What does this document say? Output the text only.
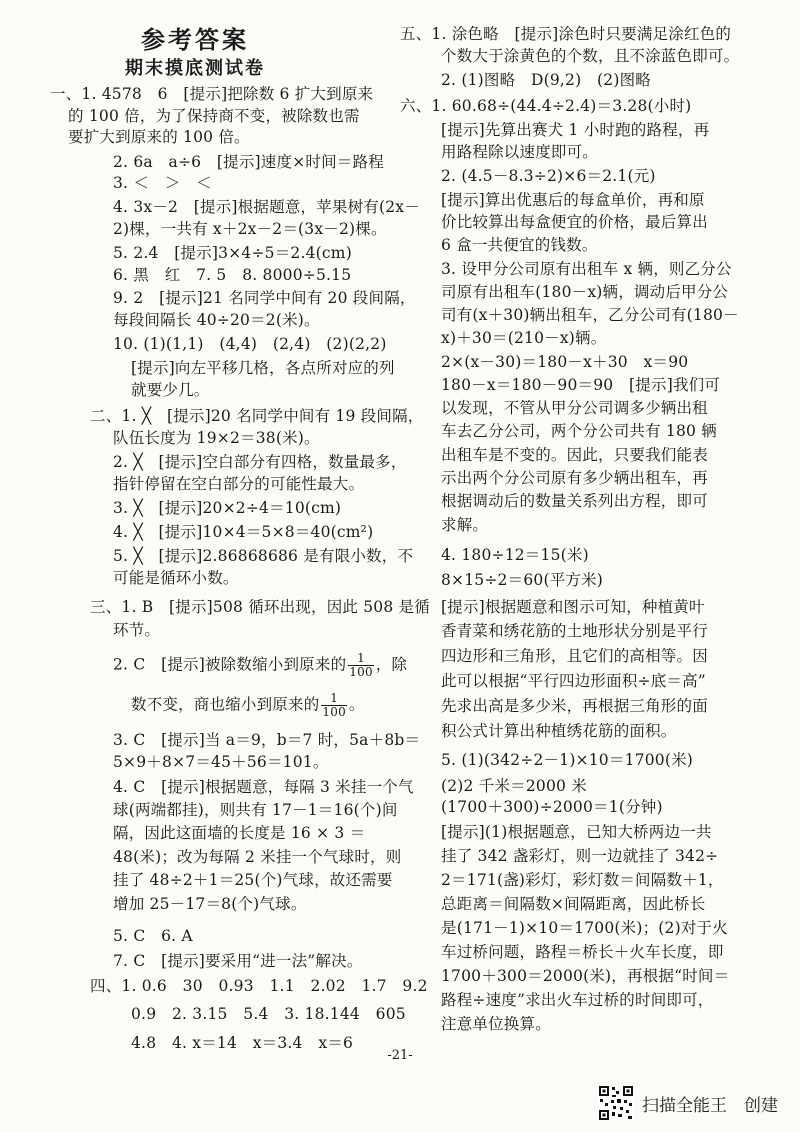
参考答案
期末摸底测试卷
一、1. 4578　6　[提示]把除数 6 扩大到原来
的 100 倍，为了保持商不变，被除数也需
要扩大到原来的 100 倍。
2. 6a　a÷6　[提示]速度×时间＝路程
3. ＜　＞　＜
4. 3x－2　[提示]根据题意，苹果树有(2x－
2)棵，一共有 x＋2x－2＝(3x－2)棵。
5. 2.4　[提示]3×4÷5＝2.4(cm)
6. 黑　红　7. 5　8. 8000÷5.15
9. 2　[提示]21 名同学中间有 20 段间隔，
每段间隔长 40÷20＝2(米)。
10. (1)(1,1)　(4,4)　(2,4)　(2)(2,2)
[提示]向左平移几格，各点所对应的列
就要少几。
二、1. ╳　[提示]20 名同学中间有 19 段间隔，
队伍长度为 19×2＝38(米)。
2. ╳　[提示]空白部分有四格，数量最多，
指针停留在空白部分的可能性最大。
3. ╳　[提示]20×2÷4＝10(cm)
4. ╳　[提示]10×4＝5×8＝40(cm²)
5. ╳　[提示]2.86868686 是有限小数，不
可能是循环小数。
三、1. B　[提示]508 循环出现，因此 508 是循
环节。
2. C　[提示]被除数缩小到原来的 $\frac{1}{100}$ ，除
数不变，商也缩小到原来的 $\frac{1}{100}$ 。
3. C　[提示]当 a＝9，b＝7 时，5a＋8b＝
5×9＋8×7＝45＋56＝101。
4. C　[提示]根据题意，每隔 3 米挂一个气
球(两端都挂)，则共有 17－1＝16(个)间
隔，因此这面墙的长度是 16 × 3 ＝
48(米)；改为每隔 2 米挂一个气球时，则
挂了 48÷2＋1＝25(个)气球，故还需要
增加 25－17＝8(个)气球。
5. C　6. A
7. C　[提示]要采用“进一法”解决。
四、1. 0.6　30　0.93　1.1　2.02　1.7　9.2
0.9　2. 3.15　5.4　3. 18.144　605
4.8　4. x＝14　x＝3.4　x＝6
五、1. 涂色略　[提示]涂色时只要满足涂红色的
个数大于涂黄色的个数，且不涂蓝色即可。
2. (1)图略　D(9,2)　(2)图略
六、1. 60.68÷(44.4÷2.4)＝3.28(小时)
[提示]先算出赛犬 1 小时跑的路程，再
用路程除以速度即可。
2. (4.5－8.3÷2)×6＝2.1(元)
[提示]算出优惠后的每盒单价，再和原
价比较算出每盒便宜的价格，最后算出
6 盒一共便宜的钱数。
3. 设甲分公司原有出租车 x 辆，则乙分公
司原有出租车(180－x)辆，调动后甲分公
司有(x＋30)辆出租车，乙分公司有(180－
x)＋30＝(210－x)辆。
2×(x－30)＝180－x＋30　x＝90
180－x＝180－90＝90　[提示]我们可
以发现，不管从甲分公司调多少辆出租
车去乙分公司，两个分公司共有 180 辆
出租车是不变的。因此，只要我们能表
示出两个分公司原有多少辆出租车，再
根据调动后的数量关系列出方程，即可
求解。
4. 180÷12＝15(米)
8×15÷2＝60(平方米)
[提示]根据题意和图示可知，种植黄叶
香青菜和绣花筋的土地形状分别是平行
四边形和三角形，且它们的高相等。因
此可以根据“平行四边形面积÷底＝高”
先求出高是多少米，再根据三角形的面
积公式计算出种植绣花筋的面积。
5. (1)(342÷2－1)×10＝1700(米)
(2)2 千米＝2000 米
(1700＋300)÷2000＝1(分钟)
[提示](1)根据题意，已知大桥两边一共
挂了 342 盏彩灯，则一边就挂了 342÷
2＝171(盏)彩灯，彩灯数＝间隔数＋1，
总距离＝间隔数×间隔距离，因此桥长
是(171－1)×10＝1700(米)；(2)对于火
车过桥问题，路程＝桥长＋火车长度，即
1700＋300＝2000(米)，再根据“时间＝
路程÷速度”求出火车过桥的时间即可，
注意单位换算。
-21-
扫描全能王　创建
